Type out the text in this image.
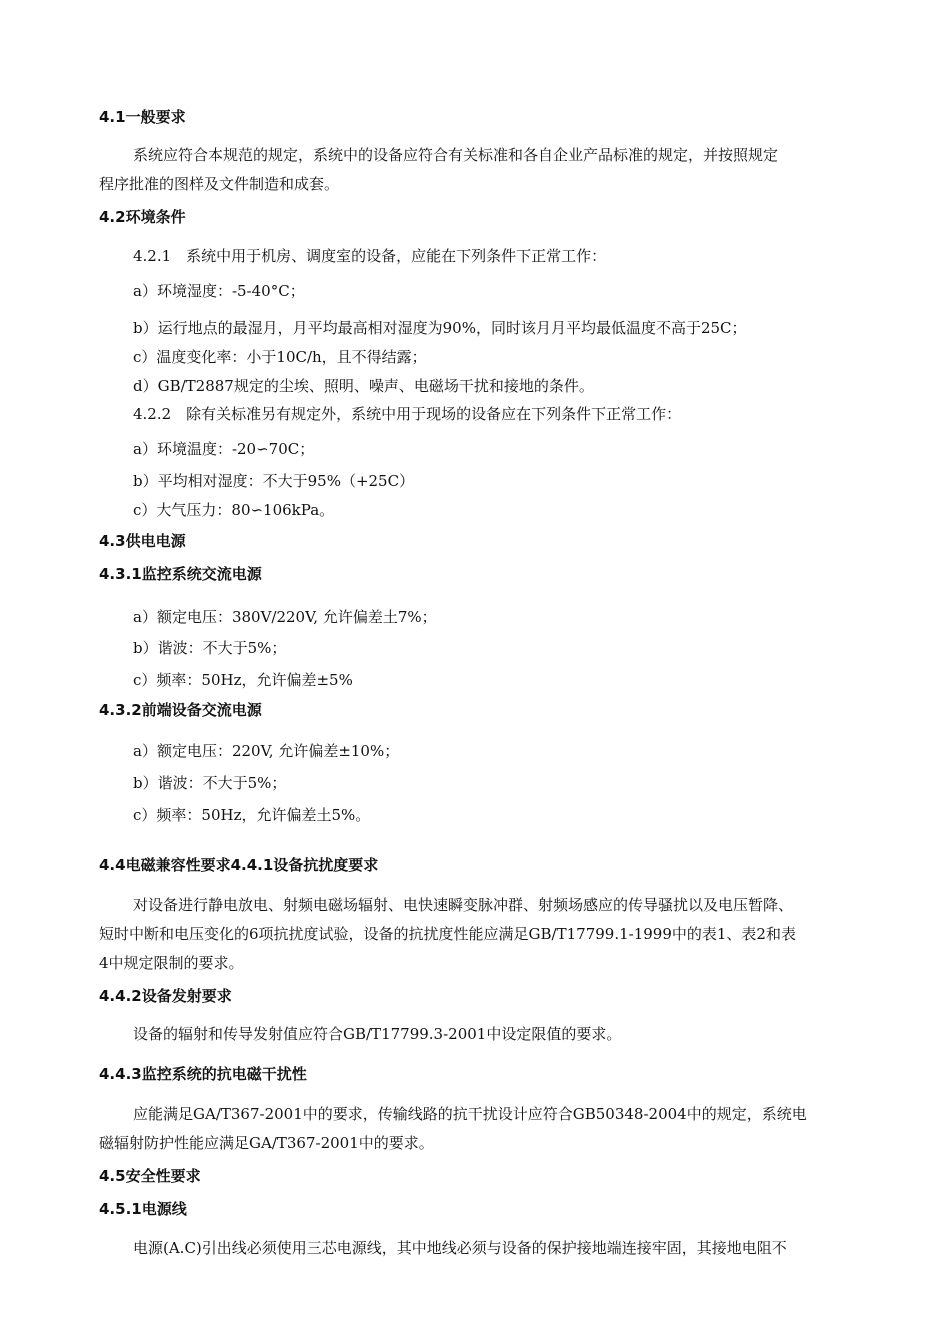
4.1一般要求
系统应符合本规范的规定，系统中的设备应符合有关标准和各自企业产品标准的规定，并按照规定
程序批准的图样及文件制造和成套。
4.2环境条件
4.2.1　系统中用于机房、调度室的设备，应能在下列条件下正常工作：
a）环境湿度：-5-40°C；
b）运行地点的最湿月，月平均最高相对湿度为90%，同时该月月平均最低温度不高于25C；
c）温度变化率：小于10C/h，且不得结露；
d）GB/T2887规定的尘埃、照明、噪声、电磁场干扰和接地的条件。
4.2.2　除有关标准另有规定外，系统中用于现场的设备应在下列条件下正常工作：
a）环境温度：-20∽70C；
b）平均相对湿度：不大于95%（+25C）
c）大气压力：80∽106kPa。
4.3供电电源
4.3.1监控系统交流电源
a）额定电压：380V/220V, 允许偏差土7%；
b）谐波：不大于5%；
c）频率：50Hz，允许偏差±5%
4.3.2前端设备交流电源
a）额定电压：220V, 允许偏差±10%；
b）谐波：不大于5%；
c）频率：50Hz，允许偏差土5%。
4.4电磁兼容性要求4.4.1设备抗扰度要求
对设备进行静电放电、射频电磁场辐射、电快速瞬变脉冲群、射频场感应的传导骚扰以及电压暂降、
短时中断和电压变化的6项抗扰度试验，设备的抗扰度性能应满足GB/T17799.1-1999中的表1、表2和表
4中规定限制的要求。
4.4.2设备发射要求
设备的辐射和传导发射值应符合GB/T17799.3-2001中设定限值的要求。
4.4.3监控系统的抗电磁干扰性
应能满足GA/T367-2001中的要求，传输线路的抗干扰设计应符合GB50348-2004中的规定，系统电
磁辐射防护性能应满足GA/T367-2001中的要求。
4.5安全性要求
4.5.1电源线
电源(A.C)引出线必须使用三芯电源线，其中地线必须与设备的保护接地端连接牢固，其接地电阻不
